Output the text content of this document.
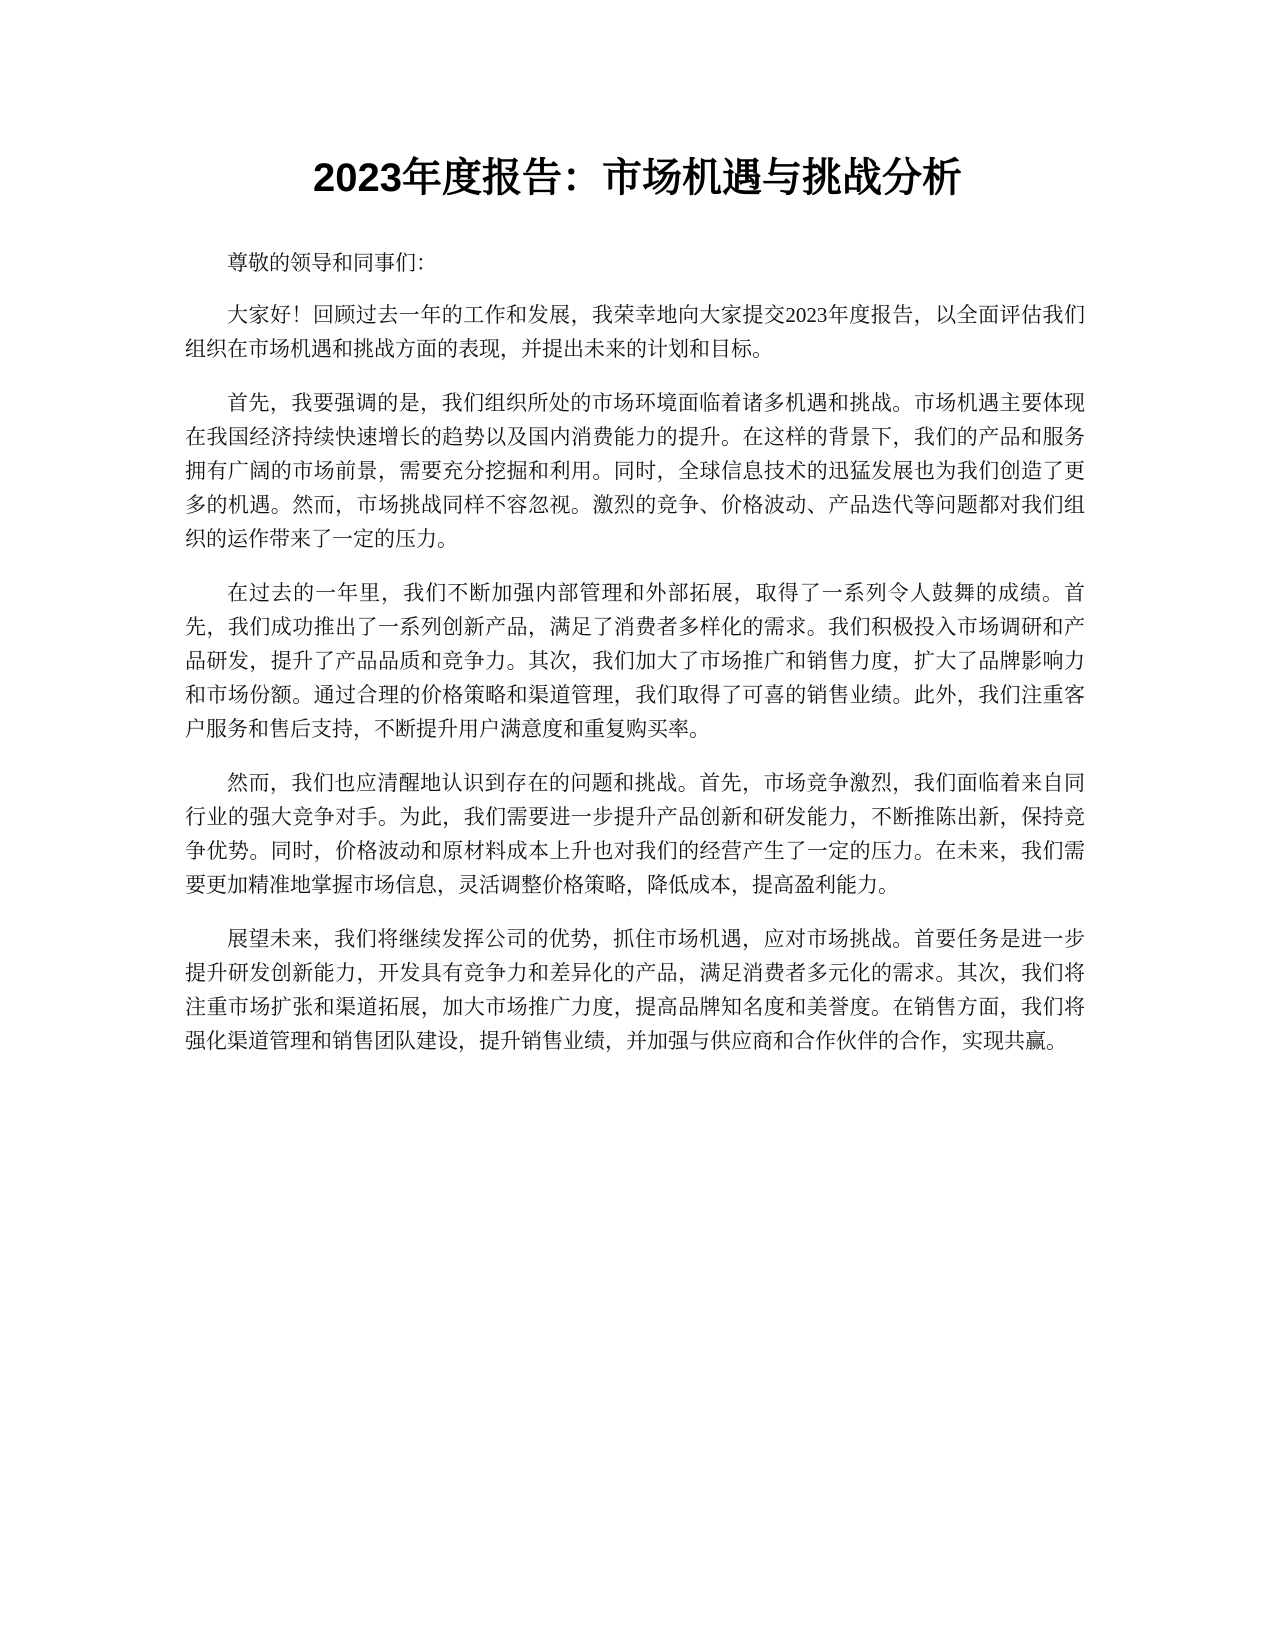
2023年度报告：市场机遇与挑战分析

尊敬的领导和同事们：

大家好！回顾过去一年的工作和发展，我荣幸地向大家提交2023年度报告，以全面评估我们组织在市场机遇和挑战方面的表现，并提出未来的计划和目标。

首先，我要强调的是，我们组织所处的市场环境面临着诸多机遇和挑战。市场机遇主要体现在我国经济持续快速增长的趋势以及国内消费能力的提升。在这样的背景下，我们的产品和服务拥有广阔的市场前景，需要充分挖掘和利用。同时，全球信息技术的迅猛发展也为我们创造了更多的机遇。然而，市场挑战同样不容忽视。激烈的竞争、价格波动、产品迭代等问题都对我们组织的运作带来了一定的压力。

在过去的一年里，我们不断加强内部管理和外部拓展，取得了一系列令人鼓舞的成绩。首先，我们成功推出了一系列创新产品，满足了消费者多样化的需求。我们积极投入市场调研和产品研发，提升了产品品质和竞争力。其次，我们加大了市场推广和销售力度，扩大了品牌影响力和市场份额。通过合理的价格策略和渠道管理，我们取得了可喜的销售业绩。此外，我们注重客户服务和售后支持，不断提升用户满意度和重复购买率。

然而，我们也应清醒地认识到存在的问题和挑战。首先，市场竞争激烈，我们面临着来自同行业的强大竞争对手。为此，我们需要进一步提升产品创新和研发能力，不断推陈出新，保持竞争优势。同时，价格波动和原材料成本上升也对我们的经营产生了一定的压力。在未来，我们需要更加精准地掌握市场信息，灵活调整价格策略，降低成本，提高盈利能力。

展望未来，我们将继续发挥公司的优势，抓住市场机遇，应对市场挑战。首要任务是进一步提升研发创新能力，开发具有竞争力和差异化的产品，满足消费者多元化的需求。其次，我们将注重市场扩张和渠道拓展，加大市场推广力度，提高品牌知名度和美誉度。在销售方面，我们将强化渠道管理和销售团队建设，提升销售业绩，并加强与供应商和合作伙伴的合作，实现共赢。
